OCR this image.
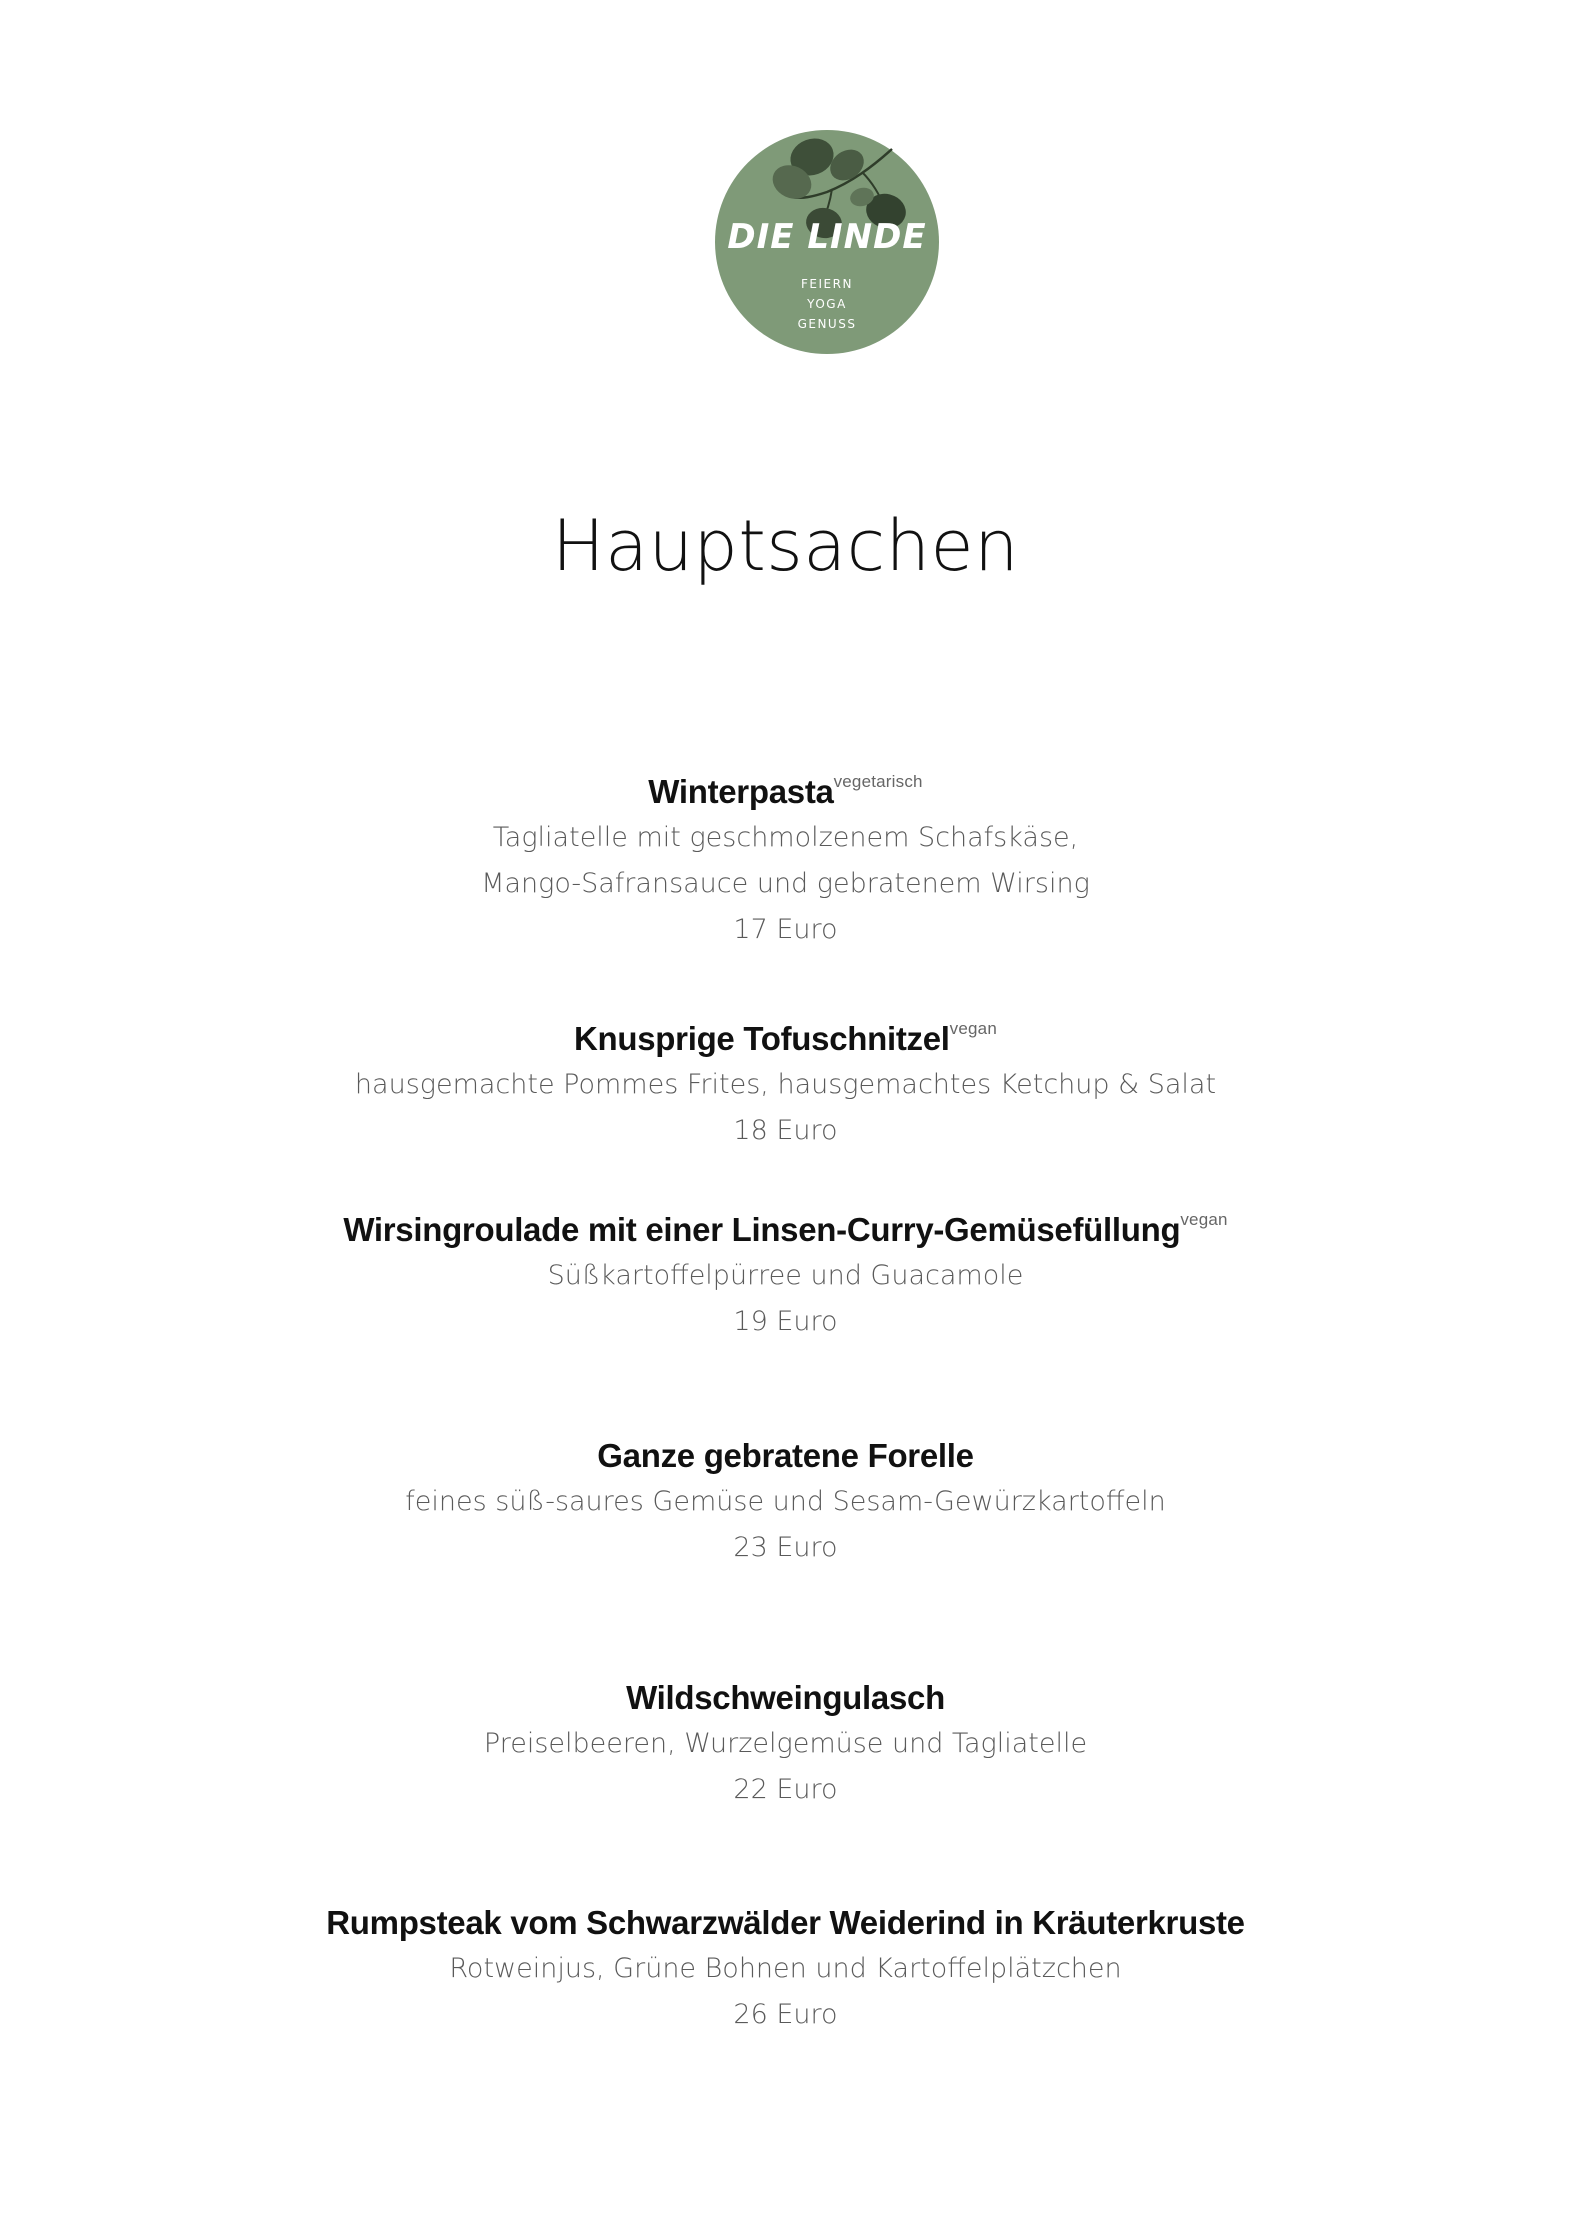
DIE LINDE
FEIERN
YOGA
GENUSS
Hauptsachen
Winterpasta$^{vegetarisch}$
Tagliatelle mit geschmolzenem Schafskäse,
Mango-Safransauce und gebratenem Wirsing
17 Euro
Knusprige Tofuschnitzel$^{vegan}$
hausgemachte Pommes Frites, hausgemachtes Ketchup & Salat
18 Euro
Wirsingroulade mit einer Linsen-Curry-Gemüsefüllung$^{vegan}$
Süßkartoffelpürree und Guacamole
19 Euro
Ganze gebratene Forelle
feines süß-saures Gemüse und Sesam-Gewürzkartoffeln
23 Euro
Wildschweingulasch
Preiselbeeren, Wurzelgemüse und Tagliatelle
22 Euro
Rumpsteak vom Schwarzwälder Weiderind in Kräuterkruste
Rotweinjus, Grüne Bohnen und Kartoffelplätzchen
26 Euro
